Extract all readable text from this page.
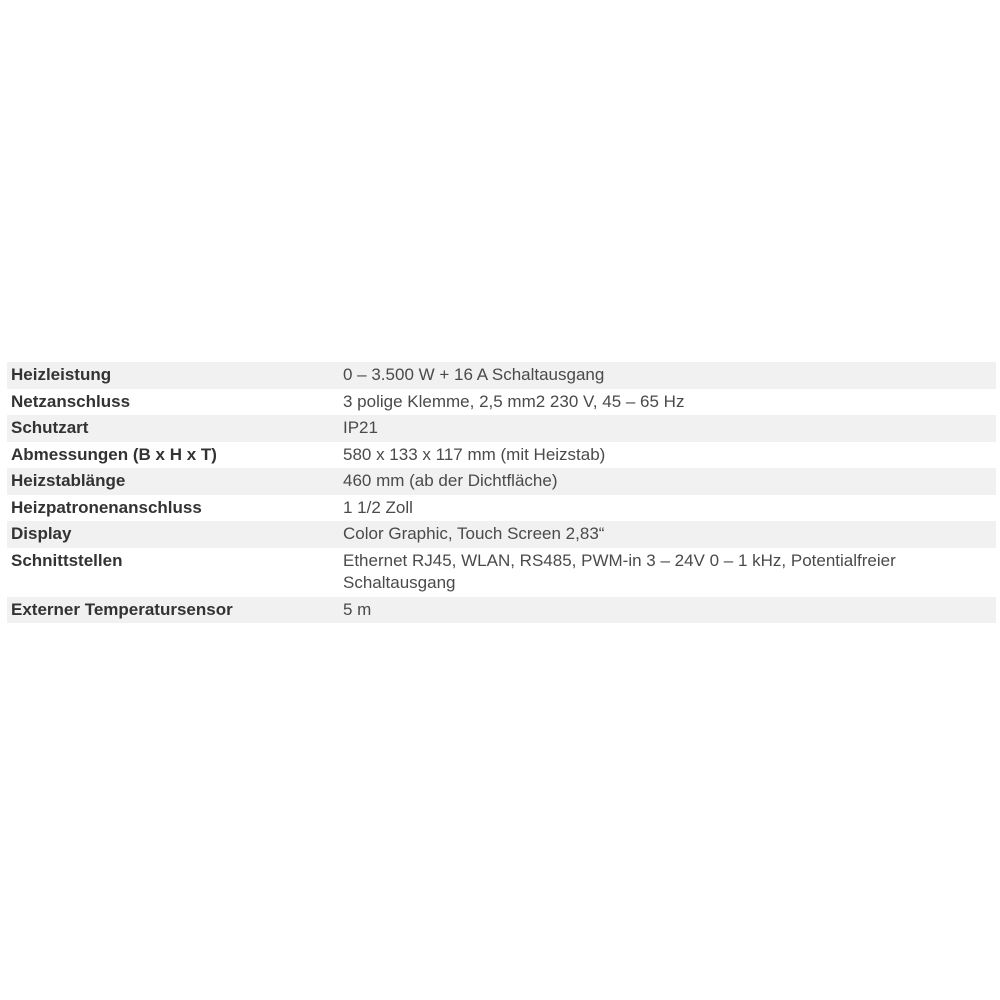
Heizleistung	0 – 3.500 W + 16 A Schaltausgang
Netzanschluss	3 polige Klemme, 2,5 mm2 230 V, 45 – 65 Hz
Schutzart	IP21
Abmessungen (B x H x T)	580 x 133 x 117 mm (mit Heizstab)
Heizstablänge	460 mm (ab der Dichtfläche)
Heizpatronenanschluss	1 1/2 Zoll
Display	Color Graphic, Touch Screen 2,83“
Schnittstellen	Ethernet RJ45, WLAN, RS485, PWM-in 3 – 24V 0 – 1 kHz, Potentialfreier Schaltausgang
Externer Temperatursensor	5 m
